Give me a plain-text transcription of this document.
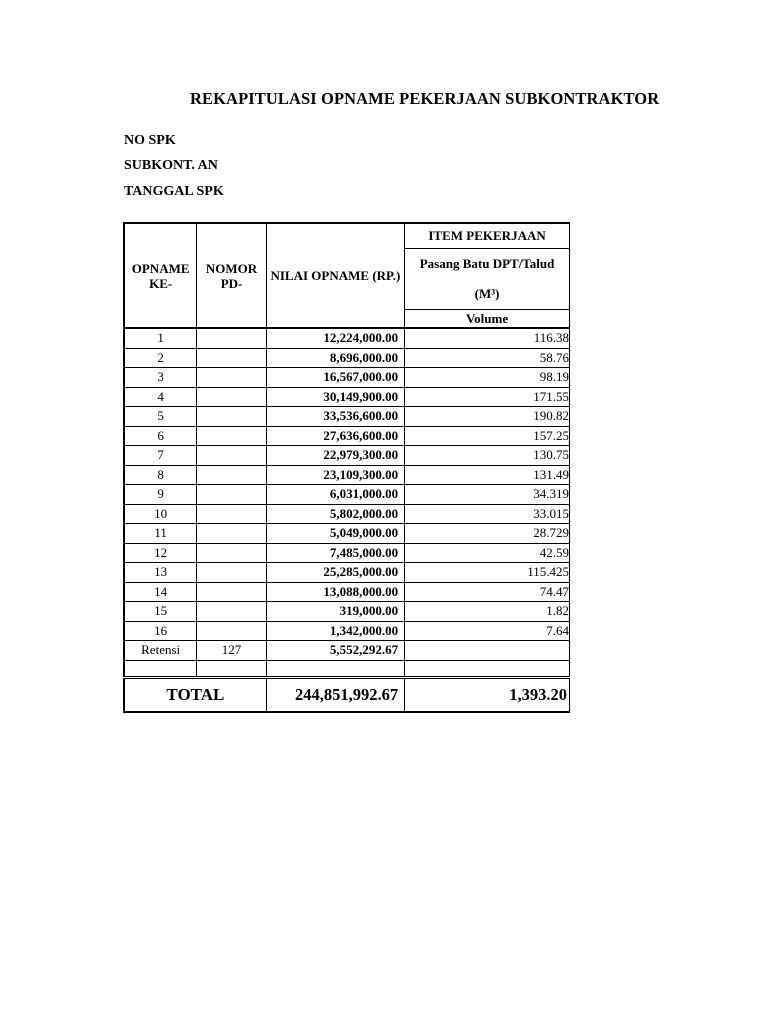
REKAPITULASI OPNAME PEKERJAAN SUBKONTRAKTOR
NO SPK
SUBKONT. AN
TANGGAL SPK
OPNAME KE-	NOMOR PD-	NILAI OPNAME (RP.)	ITEM PEKERJAAN
			Pasang Batu DPT/Talud
(M³)
			Volume
1		12,224,000.00	116.38
2		8,696,000.00	58.76
3		16,567,000.00	98.19
4		30,149,900.00	171.55
5		33,536,600.00	190.82
6		27,636,600.00	157.25
7		22,979,300.00	130.75
8		23,109,300.00	131.49
9		6,031,000.00	34.319
10		5,802,000.00	33.015
11		5,049,000.00	28.729
12		7,485,000.00	42.59
13		25,285,000.00	115.425
14		13,088,000.00	74.47
15		319,000.00	1.82
16		1,342,000.00	7.64
Retensi	127	5,552,292.67	

TOTAL		244,851,992.67	1,393.20
